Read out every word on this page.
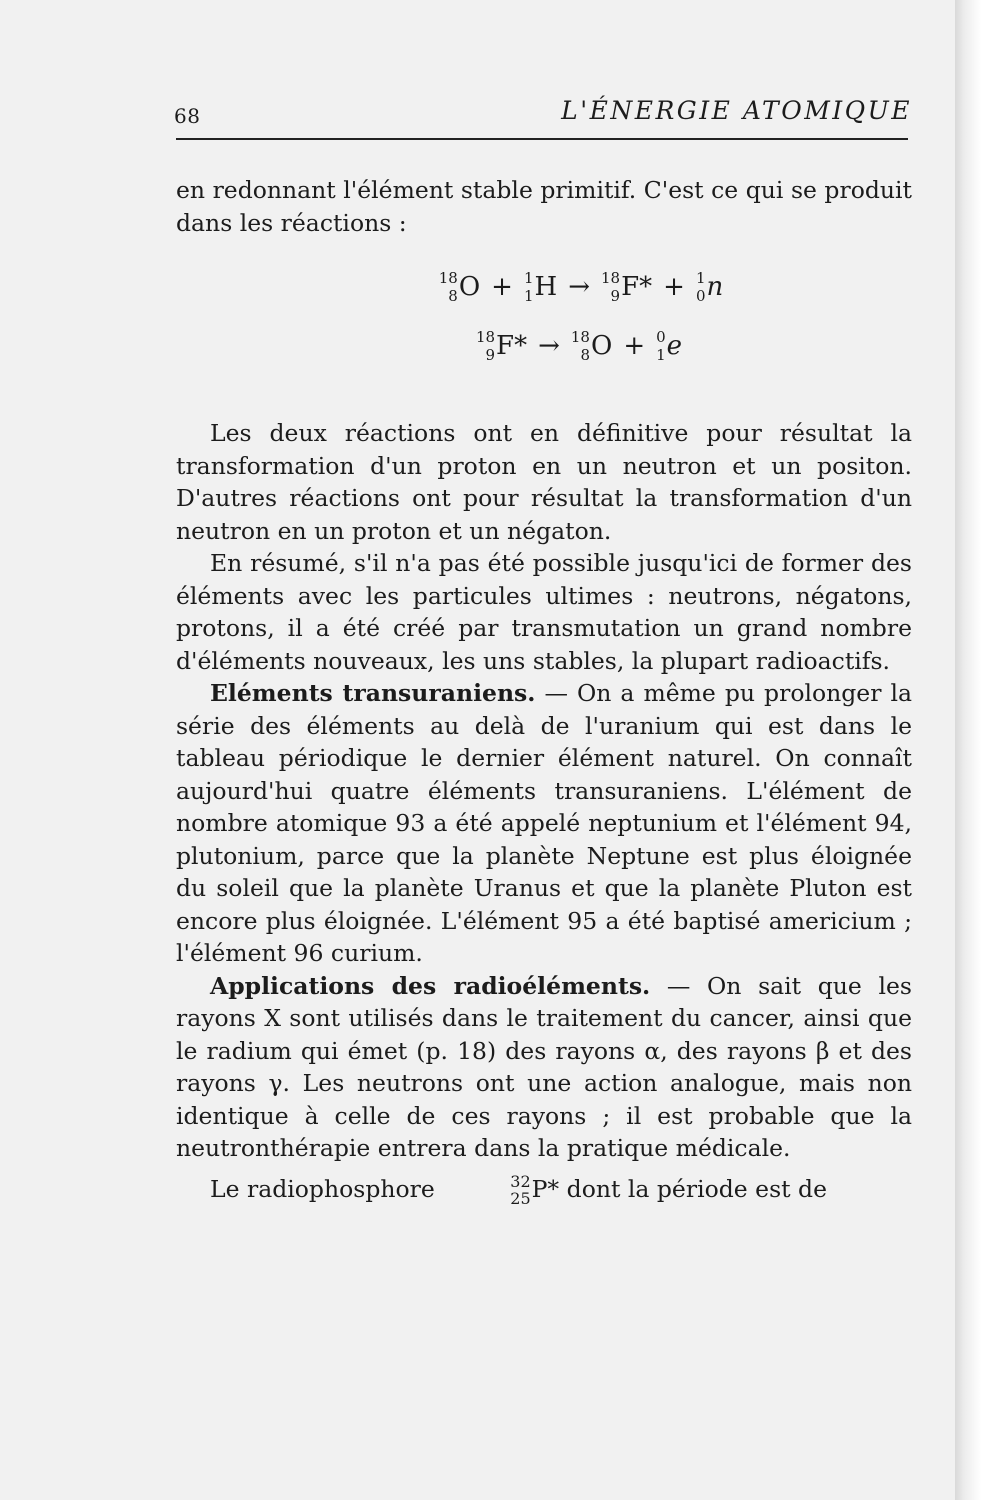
68	L'ÉNERGIE ATOMIQUE

en redonnant l'élément stable primitif. C'est ce qui se produit dans les réactions :

18
8 O + 1
1 H → 18
9 F* + 1
0 n
18
9 F* → 18
8 O + 0
1 e

Les deux réactions ont en définitive pour résultat la transformation d'un proton en un neutron et un positon. D'autres réactions ont pour résultat la transformation d'un neutron en un proton et un négaton.

En résumé, s'il n'a pas été possible jusqu'ici de former des éléments avec les particules ultimes : neutrons, négatons, protons, il a été créé par transmutation un grand nombre d'éléments nouveaux, les uns stables, la plupart radioactifs.

Eléments transuraniens. — On a même pu prolonger la série des éléments au delà de l'uranium qui est dans le tableau périodique le dernier élément naturel. On connaît aujourd'hui quatre éléments transuraniens. L'élément de nombre atomique 93 a été appelé neptunium et l'élément 94, plutonium, parce que la planète Neptune est plus éloignée du soleil que la planète Uranus et que la planète Pluton est encore plus éloignée. L'élément 95 a été baptisé americium ; l'élément 96 curium.

Applications des radioéléments. — On sait que les rayons X sont utilisés dans le traitement du cancer, ainsi que le radium qui émet (p. 18) des rayons α, des rayons β et des rayons γ. Les neutrons ont une action analogue, mais non identique à celle de ces rayons ; il est probable que la neutronthérapie entrera dans la pratique médicale.

Le radiophosphore	32
25 P* dont la période est de
